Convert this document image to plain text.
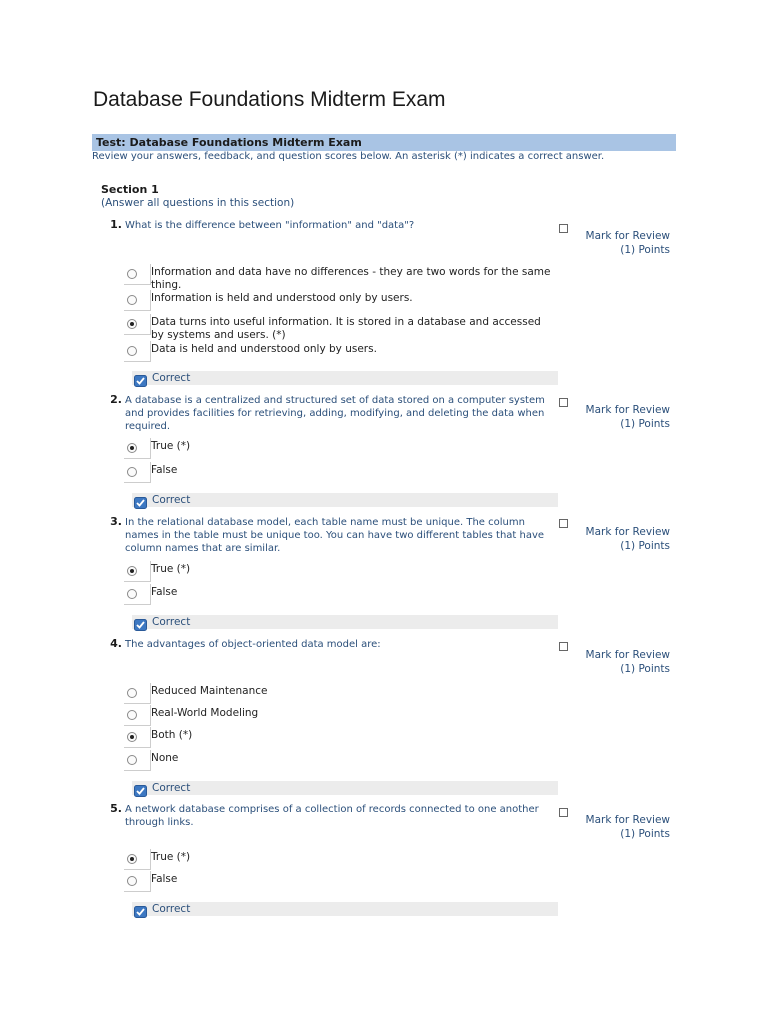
Database Foundations Midterm Exam
Test: Database Foundations Midterm Exam
Review your answers, feedback, and question scores below. An asterisk (*) indicates a correct answer.
Section 1
(Answer all questions in this section)
1. What is the difference between "information" and "data"?
Mark for Review
(1) Points
Information and data have no differences - they are two words for the same thing.
Information is held and understood only by users.
Data turns into useful information. It is stored in a database and accessed by systems and users. (*)
Data is held and understood only by users.
Correct
2. A database is a centralized and structured set of data stored on a computer system and provides facilities for retrieving, adding, modifying, and deleting the data when required.
Mark for Review
(1) Points
True (*)
False
Correct
3. In the relational database model, each table name must be unique. The column names in the table must be unique too. You can have two different tables that have column names that are similar.
Mark for Review
(1) Points
True (*)
False
Correct
4. The advantages of object-oriented data model are:
Mark for Review
(1) Points
Reduced Maintenance
Real-World Modeling
Both (*)
None
Correct
5. A network database comprises of a collection of records connected to one another through links.	Mark for Review
(1) Points
True (*)
False
Correct
